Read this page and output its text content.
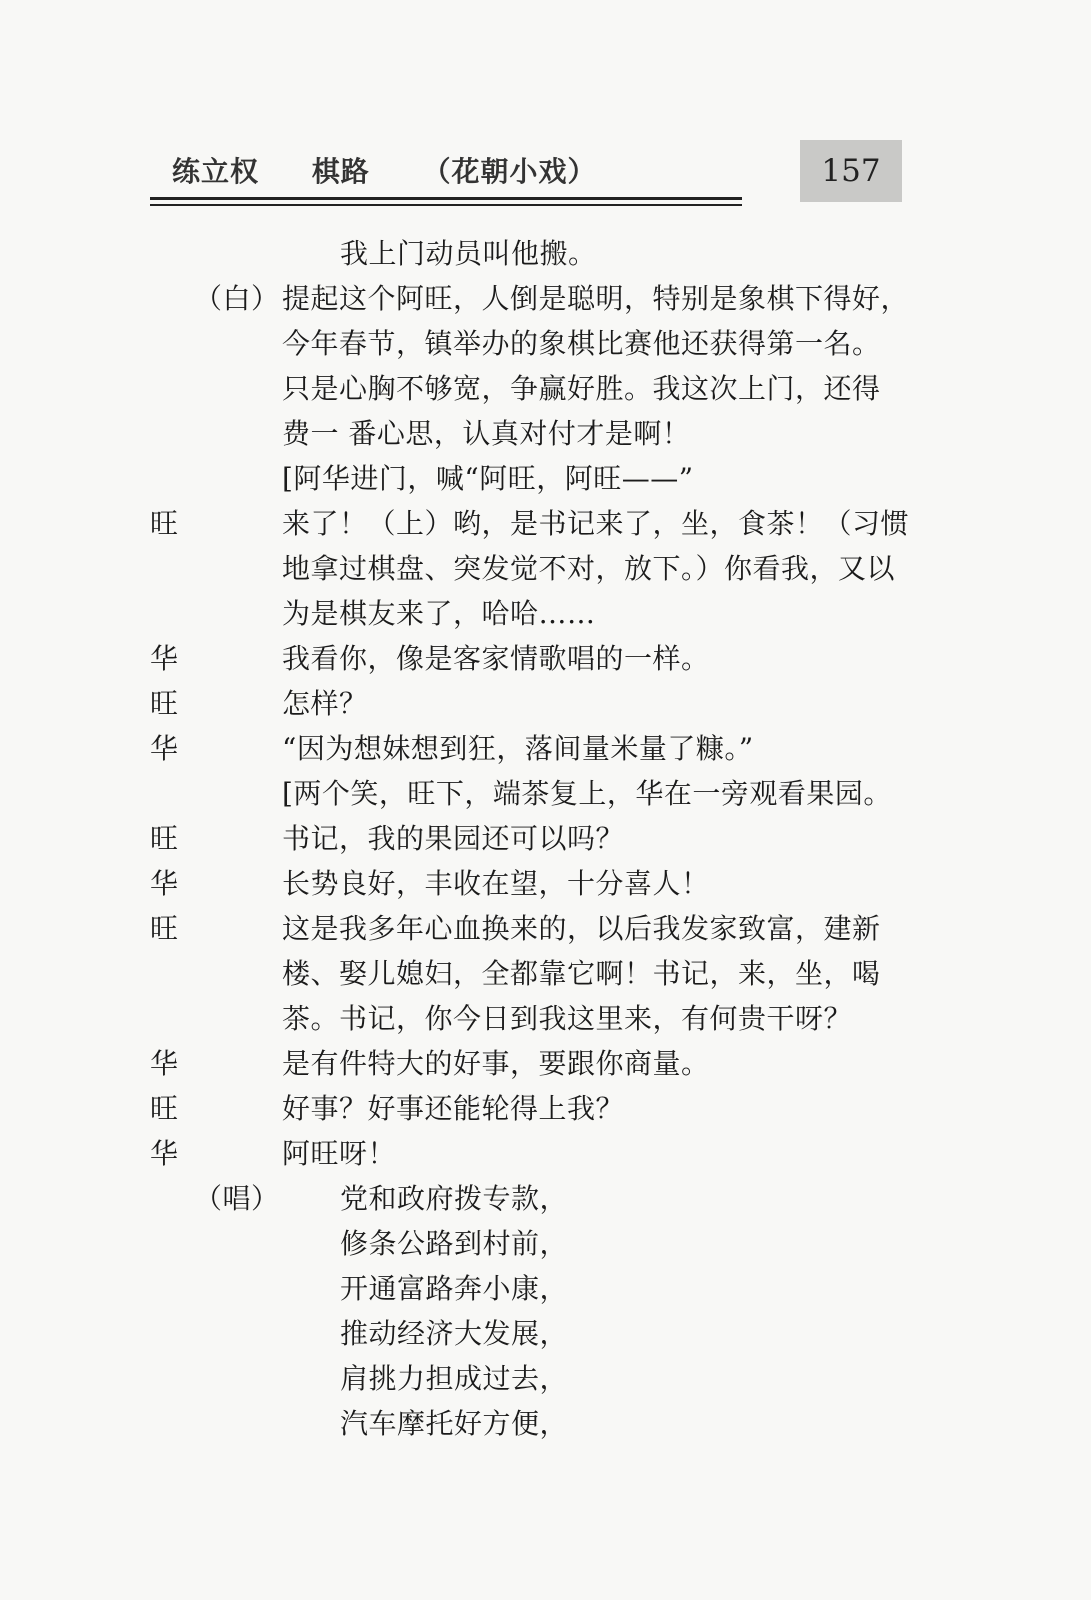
练立权 棋路 （花朝小戏）	157
我上门动员叫他搬。
（白） 提起这个阿旺，人倒是聪明，特别是象棋下得好，
今年春节，镇举办的象棋比赛他还获得第一名。
只是心胸不够宽，争赢好胜。我这次上门，还得
费一 番心思，认真对付才是啊！
[阿华进门，喊“阿旺，阿旺——”
旺	来了！（上）哟，是书记来了，坐，食茶！（习惯
地拿过棋盘、突发觉不对，放下。）你看我，又以
为是棋友来了，哈哈……
华	我看你，像是客家情歌唱的一样。
旺	怎样？
华	“因为想妹想到狂，落间量米量了糠。”
[两个笑，旺下，端茶复上，华在一旁观看果园。
旺	书记，我的果园还可以吗？
华	长势良好，丰收在望，十分喜人！
旺	这是我多年心血换来的，以后我发家致富，建新
楼、娶儿媳妇，全都靠它啊！书记，来，坐，喝
茶。书记，你今日到我这里来，有何贵干呀？
华	是有件特大的好事，要跟你商量。
旺	好事？好事还能轮得上我？
华	阿旺呀！
（唱） 党和政府拨专款，
修条公路到村前，
开通富路奔小康，
推动经济大发展，
肩挑力担成过去，
汽车摩托好方便，
